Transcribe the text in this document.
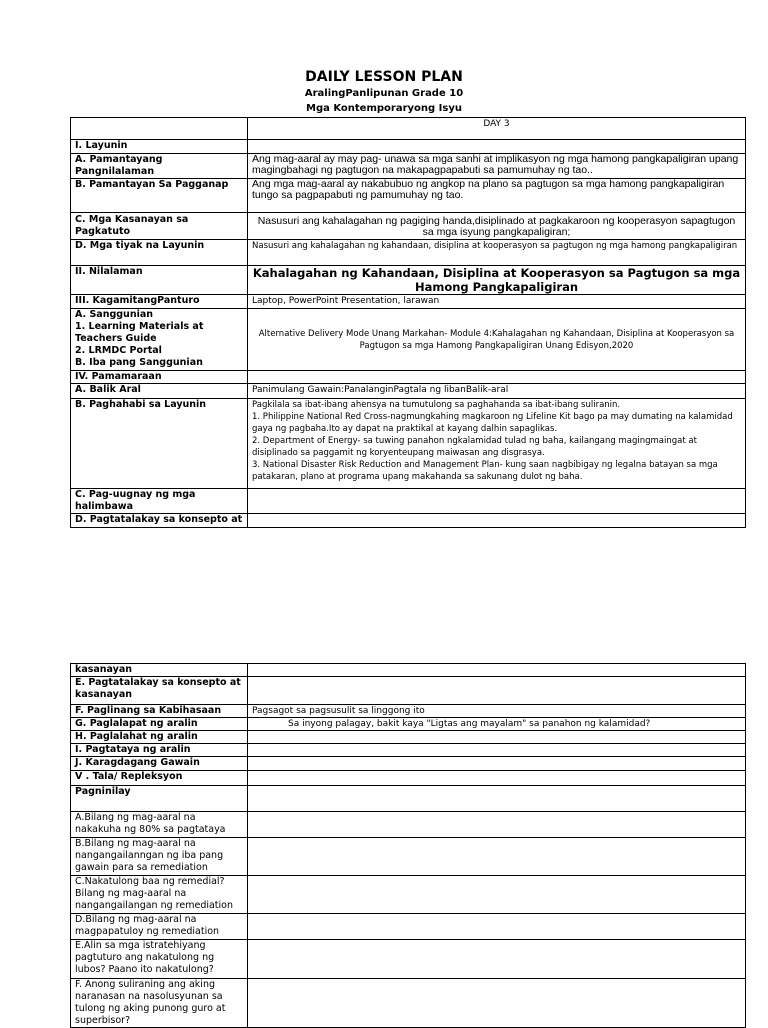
DAILY LESSON PLAN
AralingPanlipunan Grade 10
Mga Kontemporaryong Isyu
	DAY 3
I. Layunin	
A. Pamantayang Pangnilalaman	Ang mag-aaral ay may pag- unawa sa mga sanhi at implikasyon ng mga hamong pangkapaligiran upang magingbahagi ng pagtugon na makapagpapabuti sa pamumuhay ng tao..
B. Pamantayan Sa Pagganap	Ang mga mag-aaral ay nakabubuo ng angkop na plano sa pagtugon sa mga hamong pangkapaligiran tungo sa pagpapabuti ng pamumuhay ng tao.
C. Mga Kasanayan sa Pagkatuto	Nasusuri ang kahalagahan ng pagiging handa,disiplinado at pagkakaroon ng kooperasyon sapagtugon sa mga isyung pangkapaligiran;
D. Mga tiyak na Layunin	Nasusuri ang kahalagahan ng kahandaan, disiplina at kooperasyon sa pagtugon ng mga hamong pangkapaligiran
II. Nilalaman	Kahalagahan ng Kahandaan, Disiplina at Kooperasyon sa Pagtugon sa mga Hamong Pangkapaligiran
III. KagamitangPanturo	Laptop, PowerPoint Presentation, larawan

A. Sanggunian
1. Learning Materials at Teachers Guide
2. LRMDC Portal
B. Iba pang Sanggunian	Alternative Delivery Mode Unang Markahan- Module 4:Kahalagahan ng Kahandaan, Disiplina at Kooperasyon sa Pagtugon sa mga Hamong Pangkapaligiran Unang Edisyon,2020
IV. Pamamaraan	
A. Balik Aral	Panimulang Gawain:PanalanginPagtala ng libanBalik-aral
B. Paghahabi sa Layunin	Pagkilala sa ibat-ibang ahensya na tumutulong sa paghahanda sa ibat-ibang suliranin.
1. Philippine National Red Cross-nagmungkahing magkaroon ng Lifeline Kit bago pa may dumating na kalamidad gaya ng pagbaha.Ito ay dapat na praktikal at kayang dalhin sapaglikas.
2. Department of Energy- sa tuwing panahon ngkalamidad tulad ng baha, kailangang magingmaingat at disiplinado sa paggamit ng koryenteupang maiwasan ang disgrasya.
3. National Disaster Risk Reduction and Management Plan- kung saan nagbibigay ng legalna batayan sa mga patakaran, plano at programa upang makahanda sa sakunang dulot ng baha.

C. Pag-uugnay ng mga halimbawa	
D. Pagtatalakay sa konsepto at	
kasanayan	
E. Pagtatalakay sa konsepto at kasanayan	
F. Paglinang sa Kabihasaan	Pagsagot sa pagsusulit sa linggong ito
G. Paglalapat ng aralin	Sa inyong palagay, bakit kaya "Ligtas ang mayalam" sa panahon ng kalamidad?
H. Paglalahat ng aralin	
I. Pagtataya ng aralin	
J. Karagdagang Gawain	
V . Tala/ Repleksyon	
Pagninilay	
A.Bilang ng mag-aaral na nakakuha ng 80% sa pagtataya	
B.Bilang ng mag-aaral na nangangailanngan ng iba pang gawain para sa remediation	
C.Nakatulong baa ng remedial?Bilang ng mag-aaral na nangangailangan ng remediation	
D.Bilang ng mag-aaral na magpapatuloy ng remediation	
E.Alin sa mga istratehiyang pagtuturo ang nakatulong ng lubos? Paano ito nakatulong?	
F. Anong suliraning ang aking naranasan na nasolusyunan sa tulong ng aking punong guro at superbisor?	
